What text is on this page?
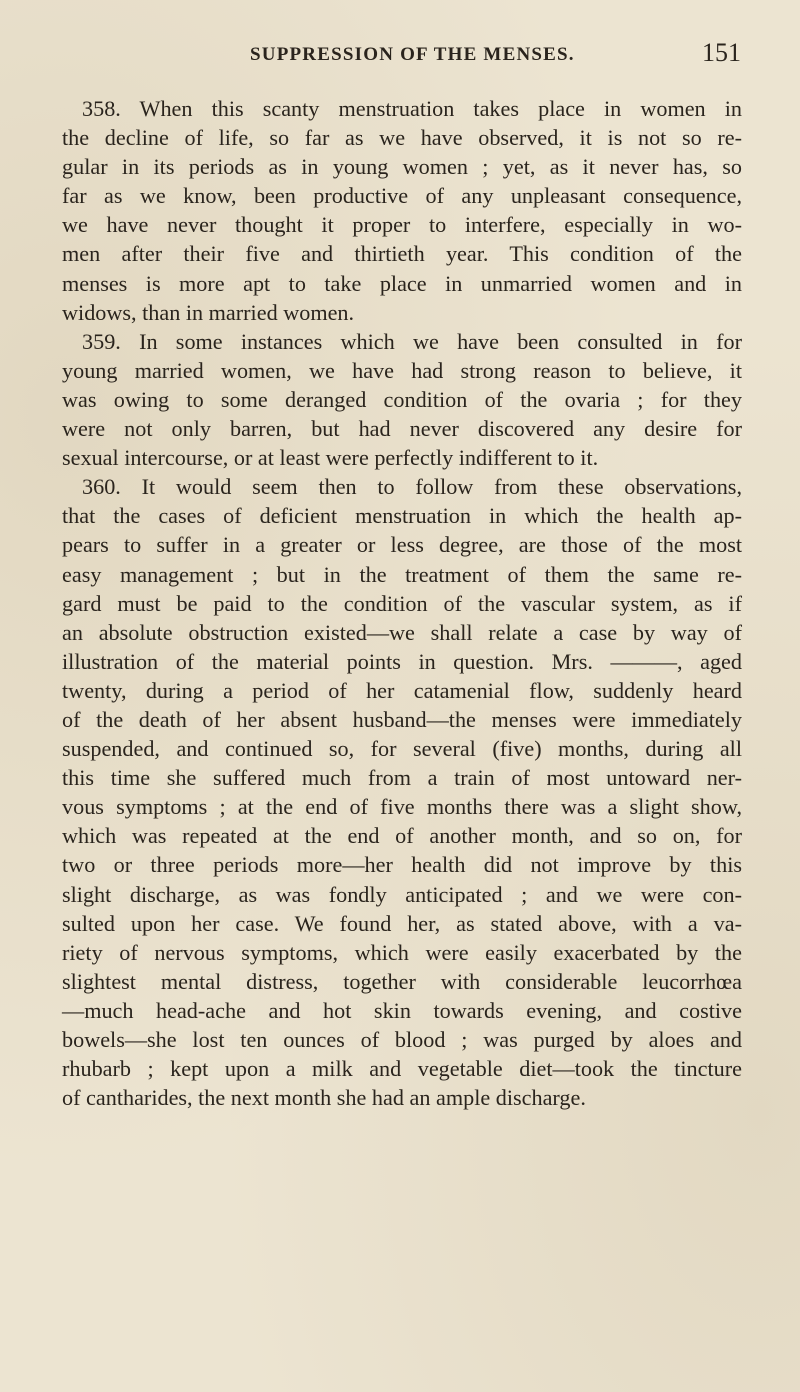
SUPPRESSION OF THE MENSES.	151
358. When this scanty menstruation takes place in women in
the decline of life, so far as we have observed, it is not so re-
gular in its periods as in young women ; yet, as it never has, so
far as we know, been productive of any unpleasant consequence,
we have never thought it proper to interfere, especially in wo-
men after their five and thirtieth year. This condition of the
menses is more apt to take place in unmarried women and in
widows, than in married women.
359. In some instances which we have been consulted in for
young married women, we have had strong reason to believe, it
was owing to some deranged condition of the ovaria ; for they
were not only barren, but had never discovered any desire for
sexual intercourse, or at least were perfectly indifferent to it.
360. It would seem then to follow from these observations,
that the cases of deficient menstruation in which the health ap-
pears to suffer in a greater or less degree, are those of the most
easy management ; but in the treatment of them the same re-
gard must be paid to the condition of the vascular system, as if
an absolute obstruction existed—we shall relate a case by way of
illustration of the material points in question. Mrs. ———, aged
twenty, during a period of her catamenial flow, suddenly heard
of the death of her absent husband—the menses were immediately
suspended, and continued so, for several (five) months, during all
this time she suffered much from a train of most untoward ner-
vous symptoms ; at the end of five months there was a slight show,
which was repeated at the end of another month, and so on, for
two or three periods more—her health did not improve by this
slight discharge, as was fondly anticipated ; and we were con-
sulted upon her case. We found her, as stated above, with a va-
riety of nervous symptoms, which were easily exacerbated by the
slightest mental distress, together with considerable leucorrhœa
—much head-ache and hot skin towards evening, and costive
bowels—she lost ten ounces of blood ; was purged by aloes and
rhubarb ; kept upon a milk and vegetable diet—took the tincture
of cantharides, the next month she had an ample discharge.
